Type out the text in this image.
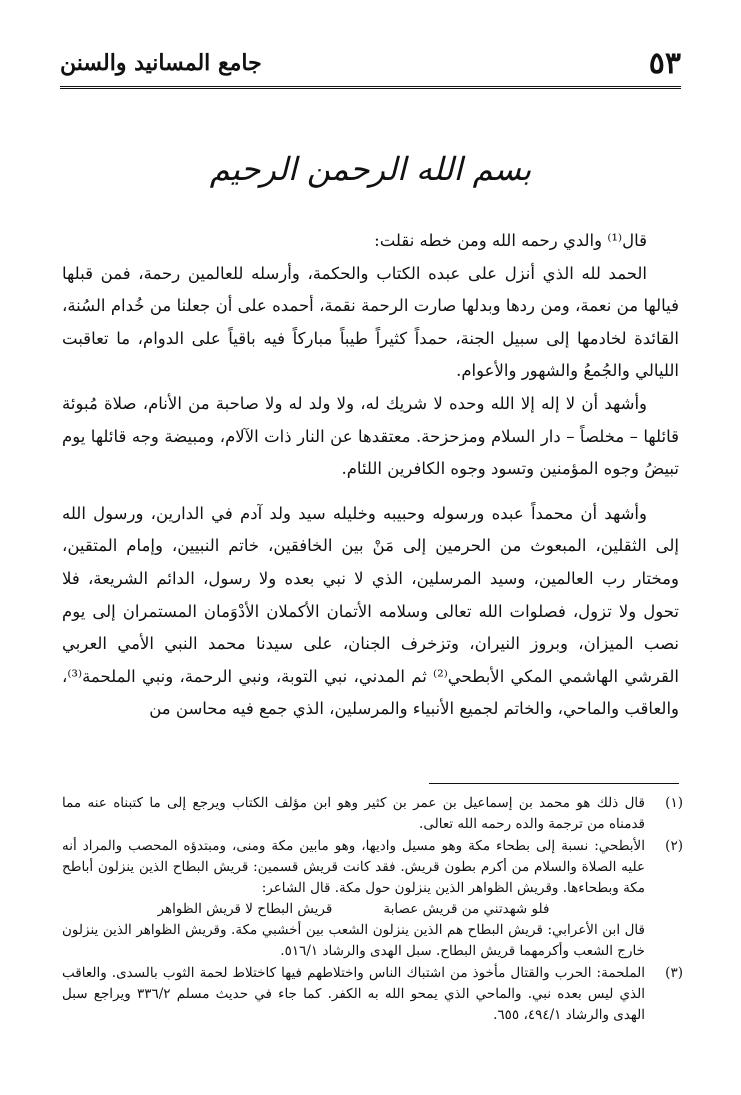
٥٣
جامع المسانيد والسنن
بسم الله الرحمن الرحيم

قال⁽¹⁾ والدي رحمه الله ومن خطه نقلت:

الحمد لله الذي أنزل على عبده الكتاب والحكمة، وأرسله للعالمين رحمة، فمن قبلها فيالها من نعمة، ومن ردها وبدلها صارت الرحمة نقمة، أحمده على أن جعلنا من خُدام السُنة، القائدة لخادمها إلى سبيل الجنة، حمداً كثيراً طيباً مباركاً فيه باقياً على الدوام، ما تعاقبت الليالي والجُمعُ والشهور والأعوام.

وأشهد أن لا إله إلا الله وحده لا شريك له، ولا ولد له ولا صاحبة من الأنام، صلاة مُبوئة قائلها – مخلصاً – دار السلام ومزحزحة. معتقدها عن النار ذات الآلام، ومبيضة وجه قائلها يوم تبيضُ وجوه المؤمنين وتسود وجوه الكافرين اللئام.

وأشهد أن محمداً عبده ورسوله وحبيبه وخليله سيد ولد آدم في الدارين، ورسول الله إلى الثقلين، المبعوث من الحرمين إلى مَنْ بين الخافقين، خاتم النبيين، وإمام المتقين، ومختار رب العالمين، وسيد المرسلين، الذي لا نبي بعده ولا رسول، الدائم الشريعة، فلا تحول ولا تزول، فصلوات الله تعالى وسلامه الأتمان الأكملان الأدْوَمان المستمران إلى يوم نصب الميزان، وبروز النيران، وتزخرف الجنان، على سيدنا محمد النبي الأمي العربي القرشي الهاشمي المكي الأبطحي⁽²⁾ ثم المدني، نبي التوبة، ونبي الرحمة، ونبي الملحمة⁽³⁾، والعاقب والماحي، والخاتم لجميع الأنبياء والمرسلين، الذي جمع فيه محاسن من

(١)

قال ذلك هو محمد بن إسماعيل بن عمر بن كثير وهو ابن مؤلف الكتاب ويرجع إلى ما كتبناه عنه مما قدمناه من ترجمة والده رحمه الله تعالى.

(٢)

الأبطحي: نسبة إلى بطحاء مكة وهو مسيل واديها، وهو مابين مكة ومنى، ومبتدؤه المحصب والمراد أنه عليه الصلاة والسلام من أكرم بطون قريش. فقد كانت قريش قسمين: قريش البطاح الذين ينزلون أباطح مكة وبطحاءها. وقريش الظواهر الذين ينزلون حول مكة. قال الشاعر:

فلو شهدتني من قريش عصابة
قريش البطاح لا قريش الظواهر

قال ابن الأعرابي: قريش البطاح هم الذين ينزلون الشعب بين أخشبي مكة. وقريش الظواهر الذين ينزلون خارج الشعب وأكرمهما قريش البطاح. سبل الهدى والرشاد ٥١٦/١.

(٣)

الملحمة: الحرب والقتال مأخوذ من اشتباك الناس واختلاطهم فيها كاختلاط لحمة الثوب بالسدى. والعاقب الذي ليس بعده نبي. والماحي الذي يمحو الله به الكفر. كما جاء في حديث مسلم ٣٣٦/٢ ويراجع سبل الهدى والرشاد ٤٩٤/١، ٦٥٥.
